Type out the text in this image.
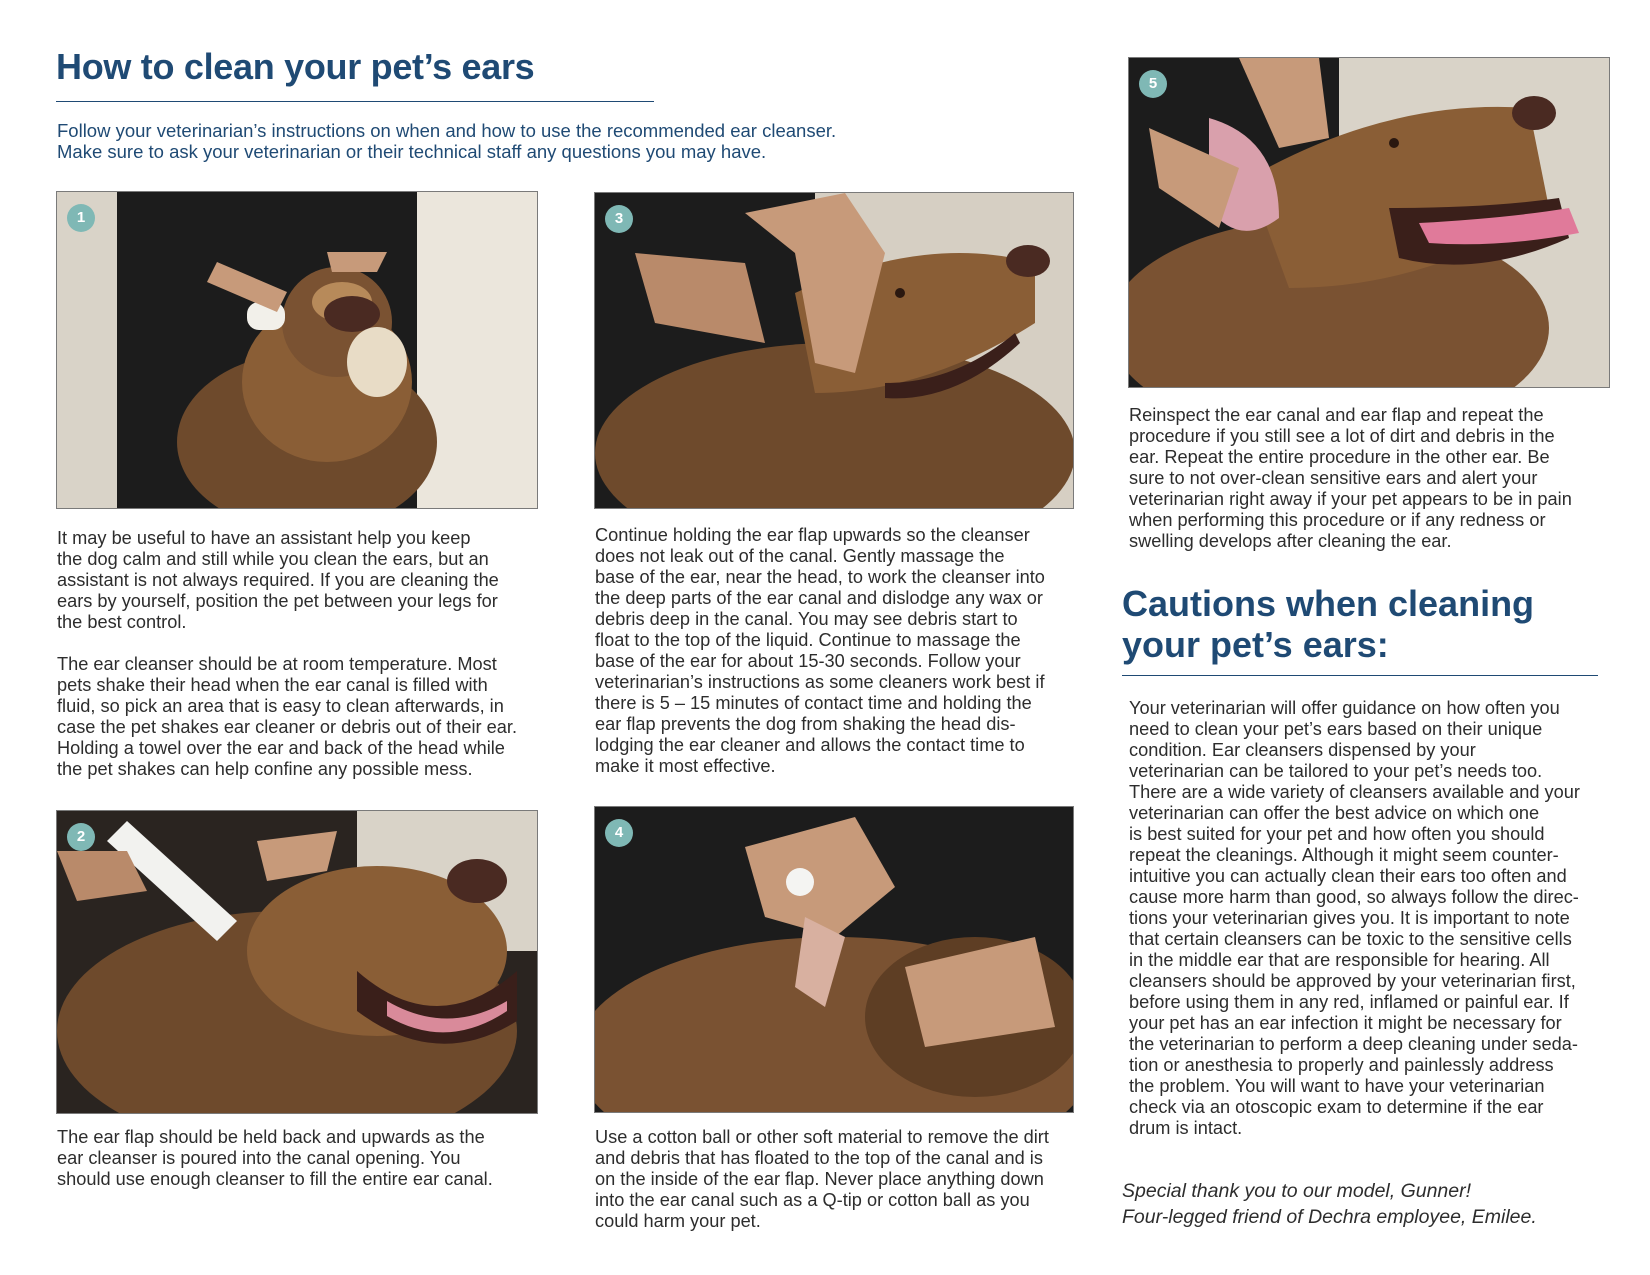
How to clean your pet’s ears

Follow your veterinarian’s instructions on when and how to use the recommended ear cleanser.
Make sure to ask your veterinarian or their technical staff any questions you may have.

1

It may be useful to have an assistant help you keep
the dog calm and still while you clean the ears, but an
assistant is not always required. If you are cleaning the
ears by yourself, position the pet between your legs for
the best control.

The ear cleanser should be at room temperature. Most
pets shake their head when the ear canal is filled with
fluid, so pick an area that is easy to clean afterwards, in
case the pet shakes ear cleaner or debris out of their ear.
Holding a towel over the ear and back of the head while
the pet shakes can help confine any possible mess.

2

The ear flap should be held back and upwards as the
ear cleanser is poured into the canal opening. You
should use enough cleanser to fill the entire ear canal.

3

Continue holding the ear flap upwards so the cleanser
does not leak out of the canal. Gently massage the
base of the ear, near the head, to work the cleanser into
the deep parts of the ear canal and dislodge any wax or
debris deep in the canal. You may see debris start to
float to the top of the liquid. Continue to massage the
base of the ear for about 15-30 seconds. Follow your
veterinarian’s instructions as some cleaners work best if
there is 5 – 15 minutes of contact time and holding the
ear flap prevents the dog from shaking the head dis-
lodging the ear cleaner and allows the contact time to
make it most effective.

4

Use a cotton ball or other soft material to remove the dirt
and debris that has floated to the top of the canal and is
on the inside of the ear flap. Never place anything down
into the ear canal such as a Q-tip or cotton ball as you
could harm your pet.

5

Reinspect the ear canal and ear flap and repeat the
procedure if you still see a lot of dirt and debris in the
ear. Repeat the entire procedure in the other ear. Be
sure to not over-clean sensitive ears and alert your
veterinarian right away if your pet appears to be in pain
when performing this procedure or if any redness or
swelling develops after cleaning the ear.

Cautions when cleaning
your pet’s ears:

Your veterinarian will offer guidance on how often you
need to clean your pet’s ears based on their unique
condition. Ear cleansers dispensed by your
veterinarian can be tailored to your pet’s needs too.
There are a wide variety of cleansers available and your
veterinarian can offer the best advice on which one
is best suited for your pet and how often you should
repeat the cleanings. Although it might seem counter-
intuitive you can actually clean their ears too often and
cause more harm than good, so always follow the direc-
tions your veterinarian gives you. It is important to note
that certain cleansers can be toxic to the sensitive cells
in the middle ear that are responsible for hearing. All
cleansers should be approved by your veterinarian first,
before using them in any red, inflamed or painful ear. If
your pet has an ear infection it might be necessary for
the veterinarian to perform a deep cleaning under seda-
tion or anesthesia to properly and painlessly address
the problem. You will want to have your veterinarian
check via an otoscopic exam to determine if the ear
drum is intact.

Special thank you to our model, Gunner!
Four-legged friend of Dechra employee, Emilee.
